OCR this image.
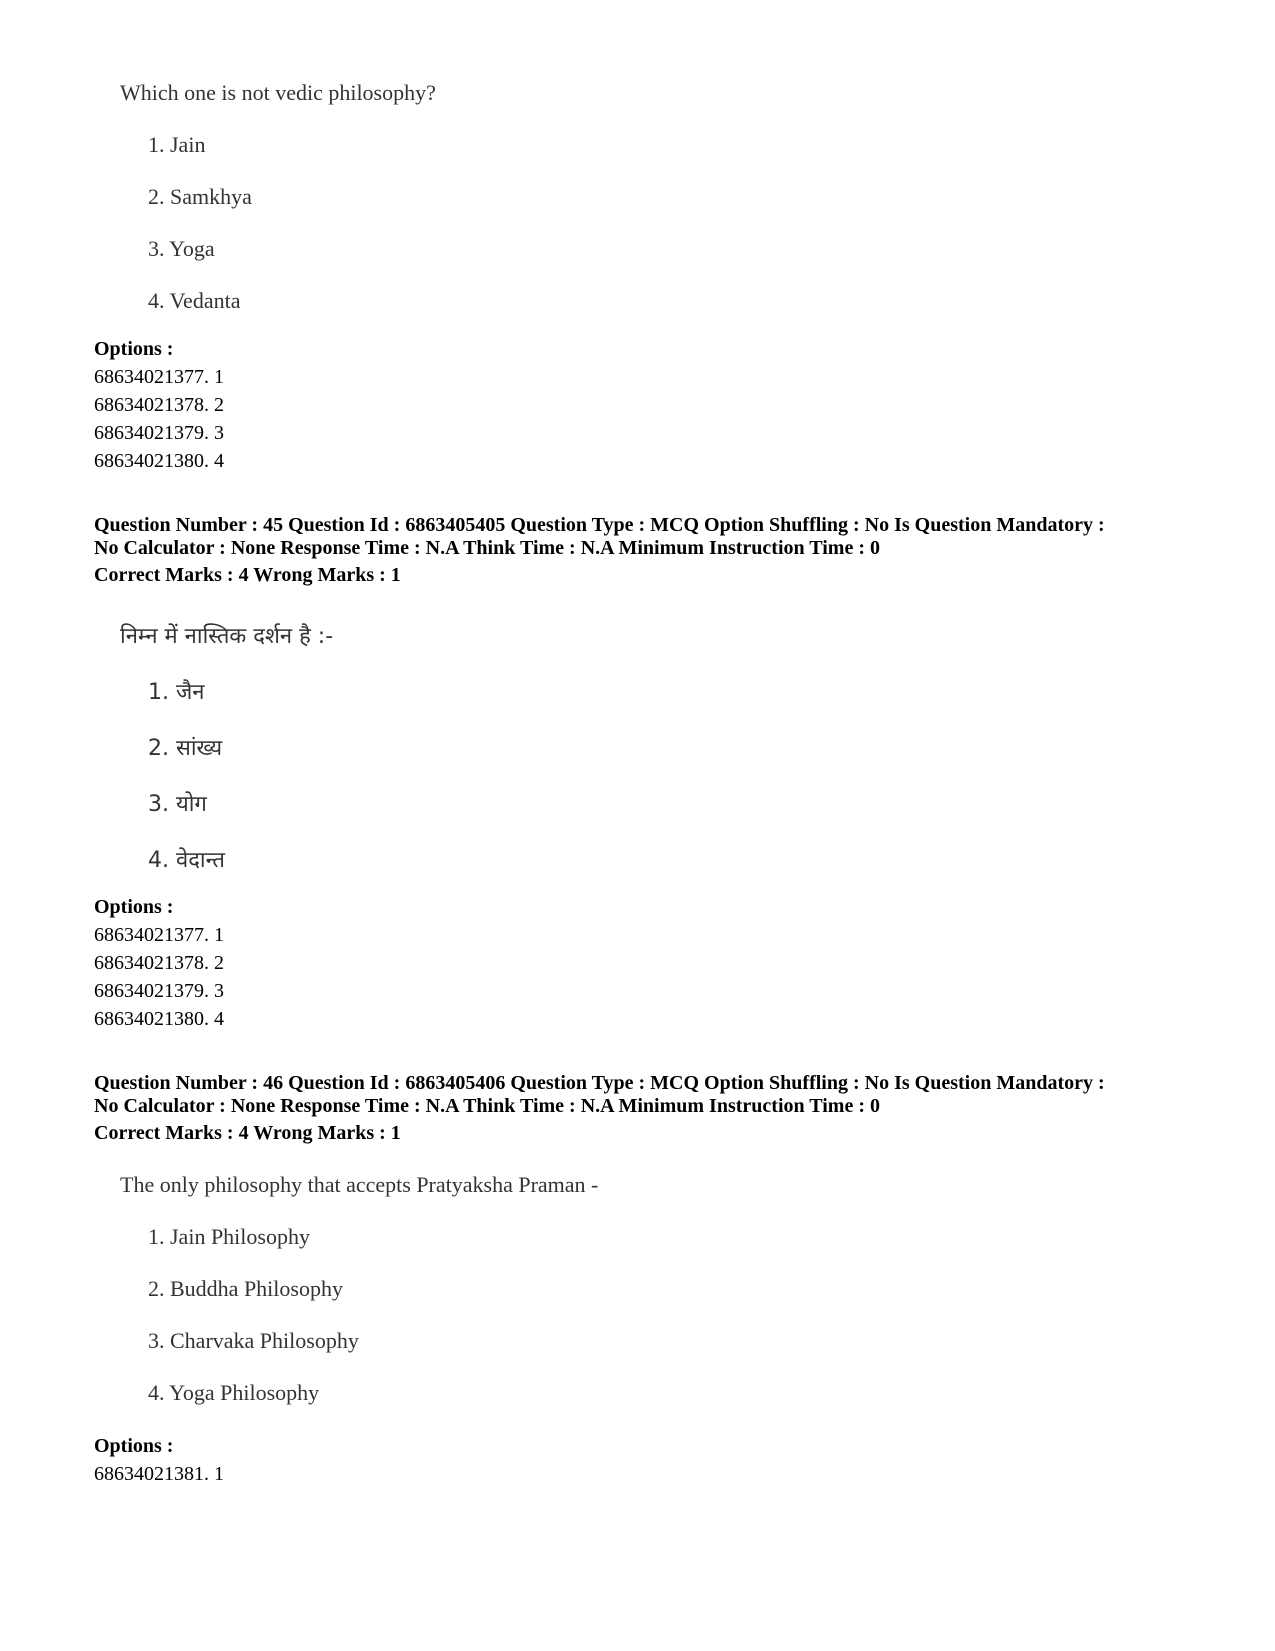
Which one is not vedic philosophy?

1. Jain
2. Samkhya
3. Yoga
4. Vedanta
Options :
68634021377. 1
68634021378. 2
68634021379. 3
68634021380. 4
Question Number : 45 Question Id : 6863405405 Question Type : MCQ Option Shuffling : No Is Question Mandatory :
No Calculator : None Response Time : N.A Think Time : N.A Minimum Instruction Time : 0
Correct Marks : 4 Wrong Marks : 1

निम्न में नास्तिक दर्शन है :-

1. जैन
2. सांख्य
3. योग
4. वेदान्त
Options :
68634021377. 1
68634021378. 2
68634021379. 3
68634021380. 4
Question Number : 46 Question Id : 6863405406 Question Type : MCQ Option Shuffling : No Is Question Mandatory :
No Calculator : None Response Time : N.A Think Time : N.A Minimum Instruction Time : 0
Correct Marks : 4 Wrong Marks : 1

The only philosophy that accepts Pratyaksha Praman -

1. Jain Philosophy
2. Buddha Philosophy
3. Charvaka Philosophy
4. Yoga Philosophy
Options :
68634021381. 1
